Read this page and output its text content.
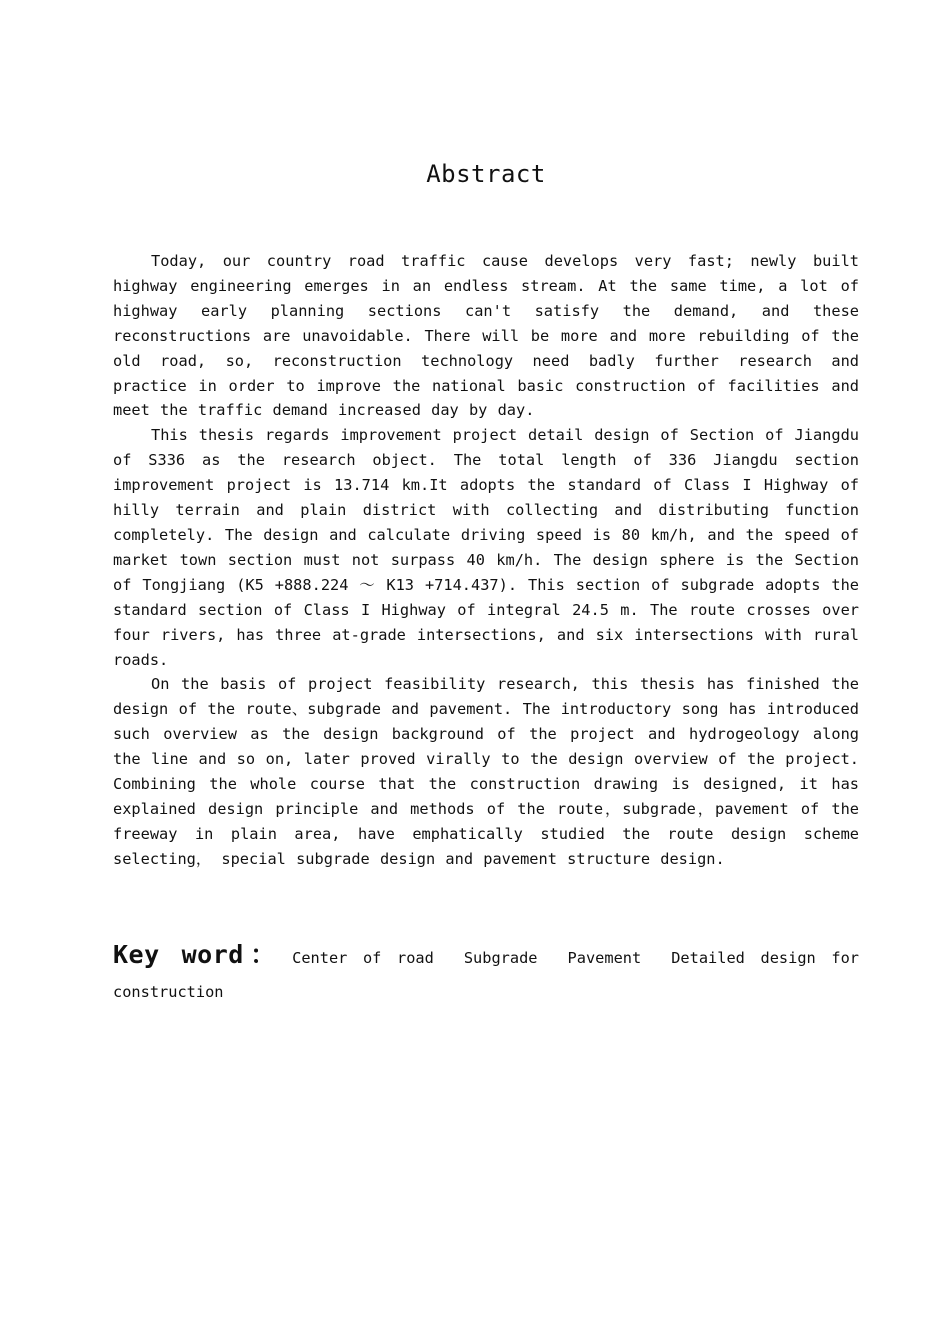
Abstract

Today, our country road traffic cause develops very fast; newly built highway engineering emerges in an endless stream. At the same time, a lot of highway early planning sections can't satisfy the demand, and these reconstructions are unavoidable. There will be more and more rebuilding of the old road, so, reconstruction technology need badly further research and practice in order to improve the national basic construction of facilities and meet the traffic demand increased day by day.

This thesis regards improvement project detail design of Section of Jiangdu of S336 as the research object. The total length of 336 Jiangdu section improvement project is 13.714 km.It adopts the standard of Class I Highway of hilly terrain and plain district with collecting and distributing function completely. The design and calculate driving speed is 80 km/h, and the speed of market town section must not surpass 40 km/h. The design sphere is the Section of Tongjiang (K5 +888.224 ～ K13 +714.437). This section of subgrade adopts the standard section of Class I Highway of integral 24.5 m. The route crosses over four rivers, has three at-grade intersections, and six intersections with rural roads.

On the basis of project feasibility research, this thesis has finished the design of the route、subgrade and pavement. The introductory song has introduced such overview as the design background of the project and hydrogeology along the line and so on, later proved virally to the design overview of the project. Combining the whole course that the construction drawing is designed, it has explained design principle and methods of the route，subgrade，pavement of the freeway in plain area, have emphatically studied the route design scheme selecting， special subgrade design and pavement structure design.

Key word： Center of road Subgrade Pavement Detailed design for construction
